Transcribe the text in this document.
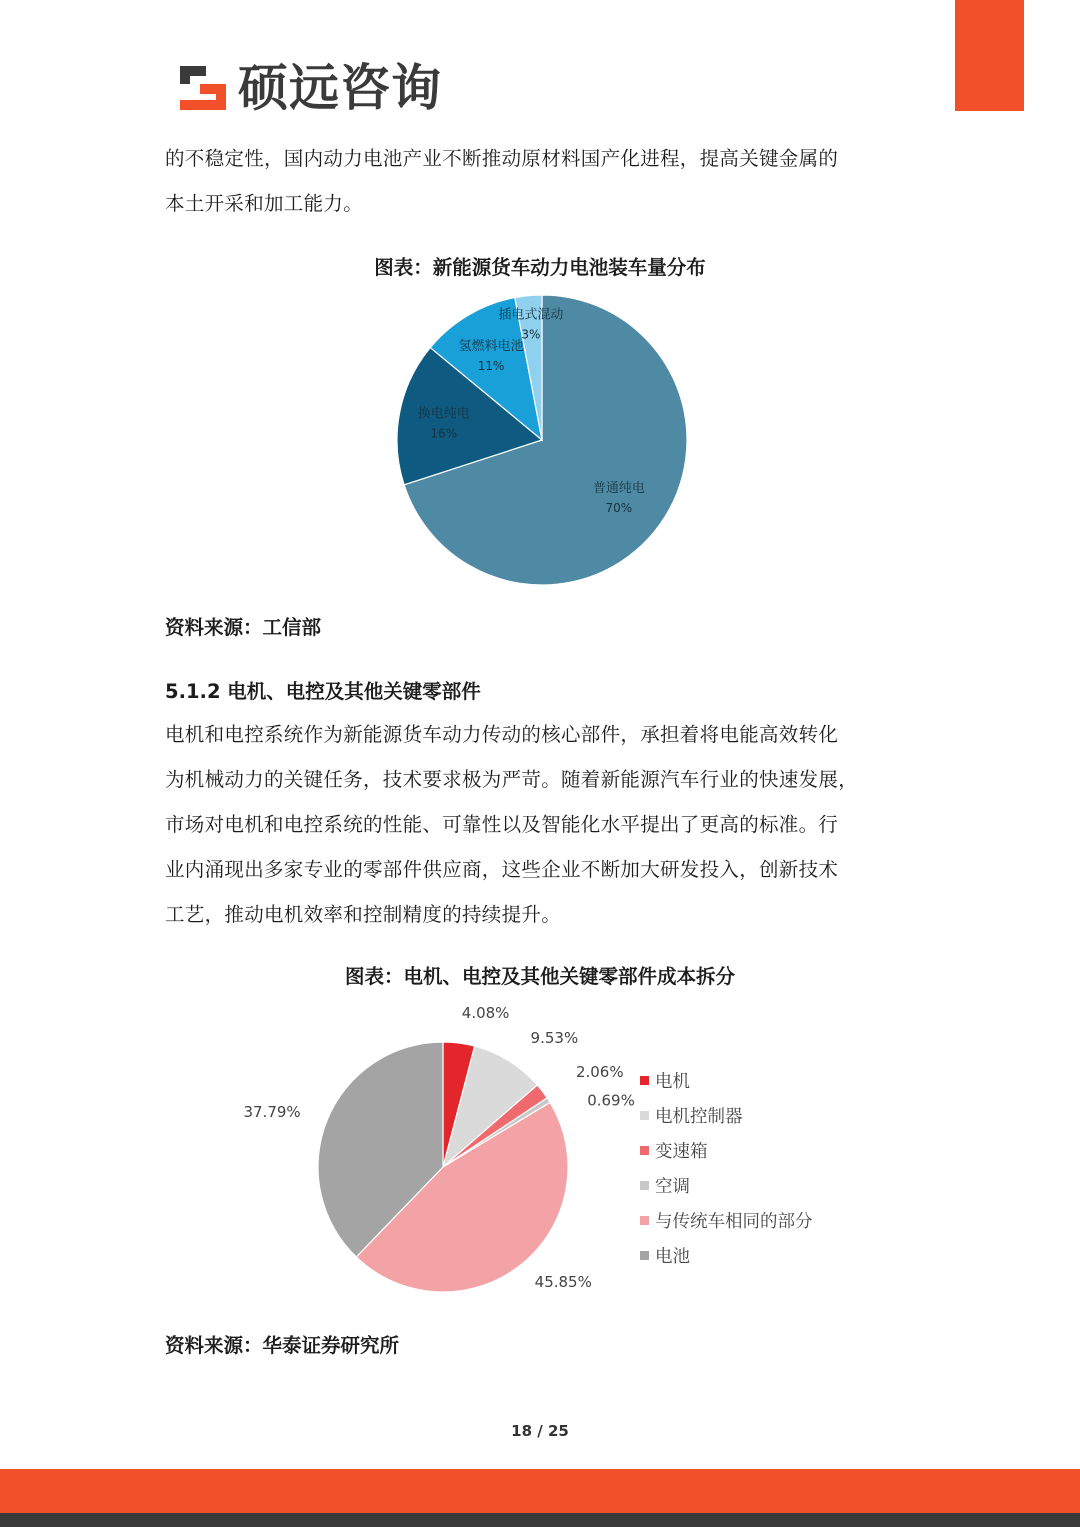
硕远咨询

的不稳定性，国内动力电池产业不断推动原材料国产化进程，提高关键金属的

本土开采和加工能力。

图表：新能源货车动力电池装车量分布

普通纯电
70%
换电纯电
16%
氢燃料电池
11%
插电式混动
3%

资料来源：工信部

5.1.2 电机、电控及其他关键零部件

电机和电控系统作为新能源货车动力传动的核心部件，承担着将电能高效转化

为机械动力的关键任务，技术要求极为严苛。随着新能源汽车行业的快速发展，

市场对电机和电控系统的性能、可靠性以及智能化水平提出了更高的标准。行

业内涌现出多家专业的零部件供应商，这些企业不断加大研发投入，创新技术

工艺，推动电机效率和控制精度的持续提升。

图表：电机、电控及其他关键零部件成本拆分

4.08%
9.53%
2.06%
0.69%
45.85%
37.79%
电机
电机控制器
变速箱
空调
与传统车相同的部分
电池

资料来源：华泰证券研究所

18 / 25
